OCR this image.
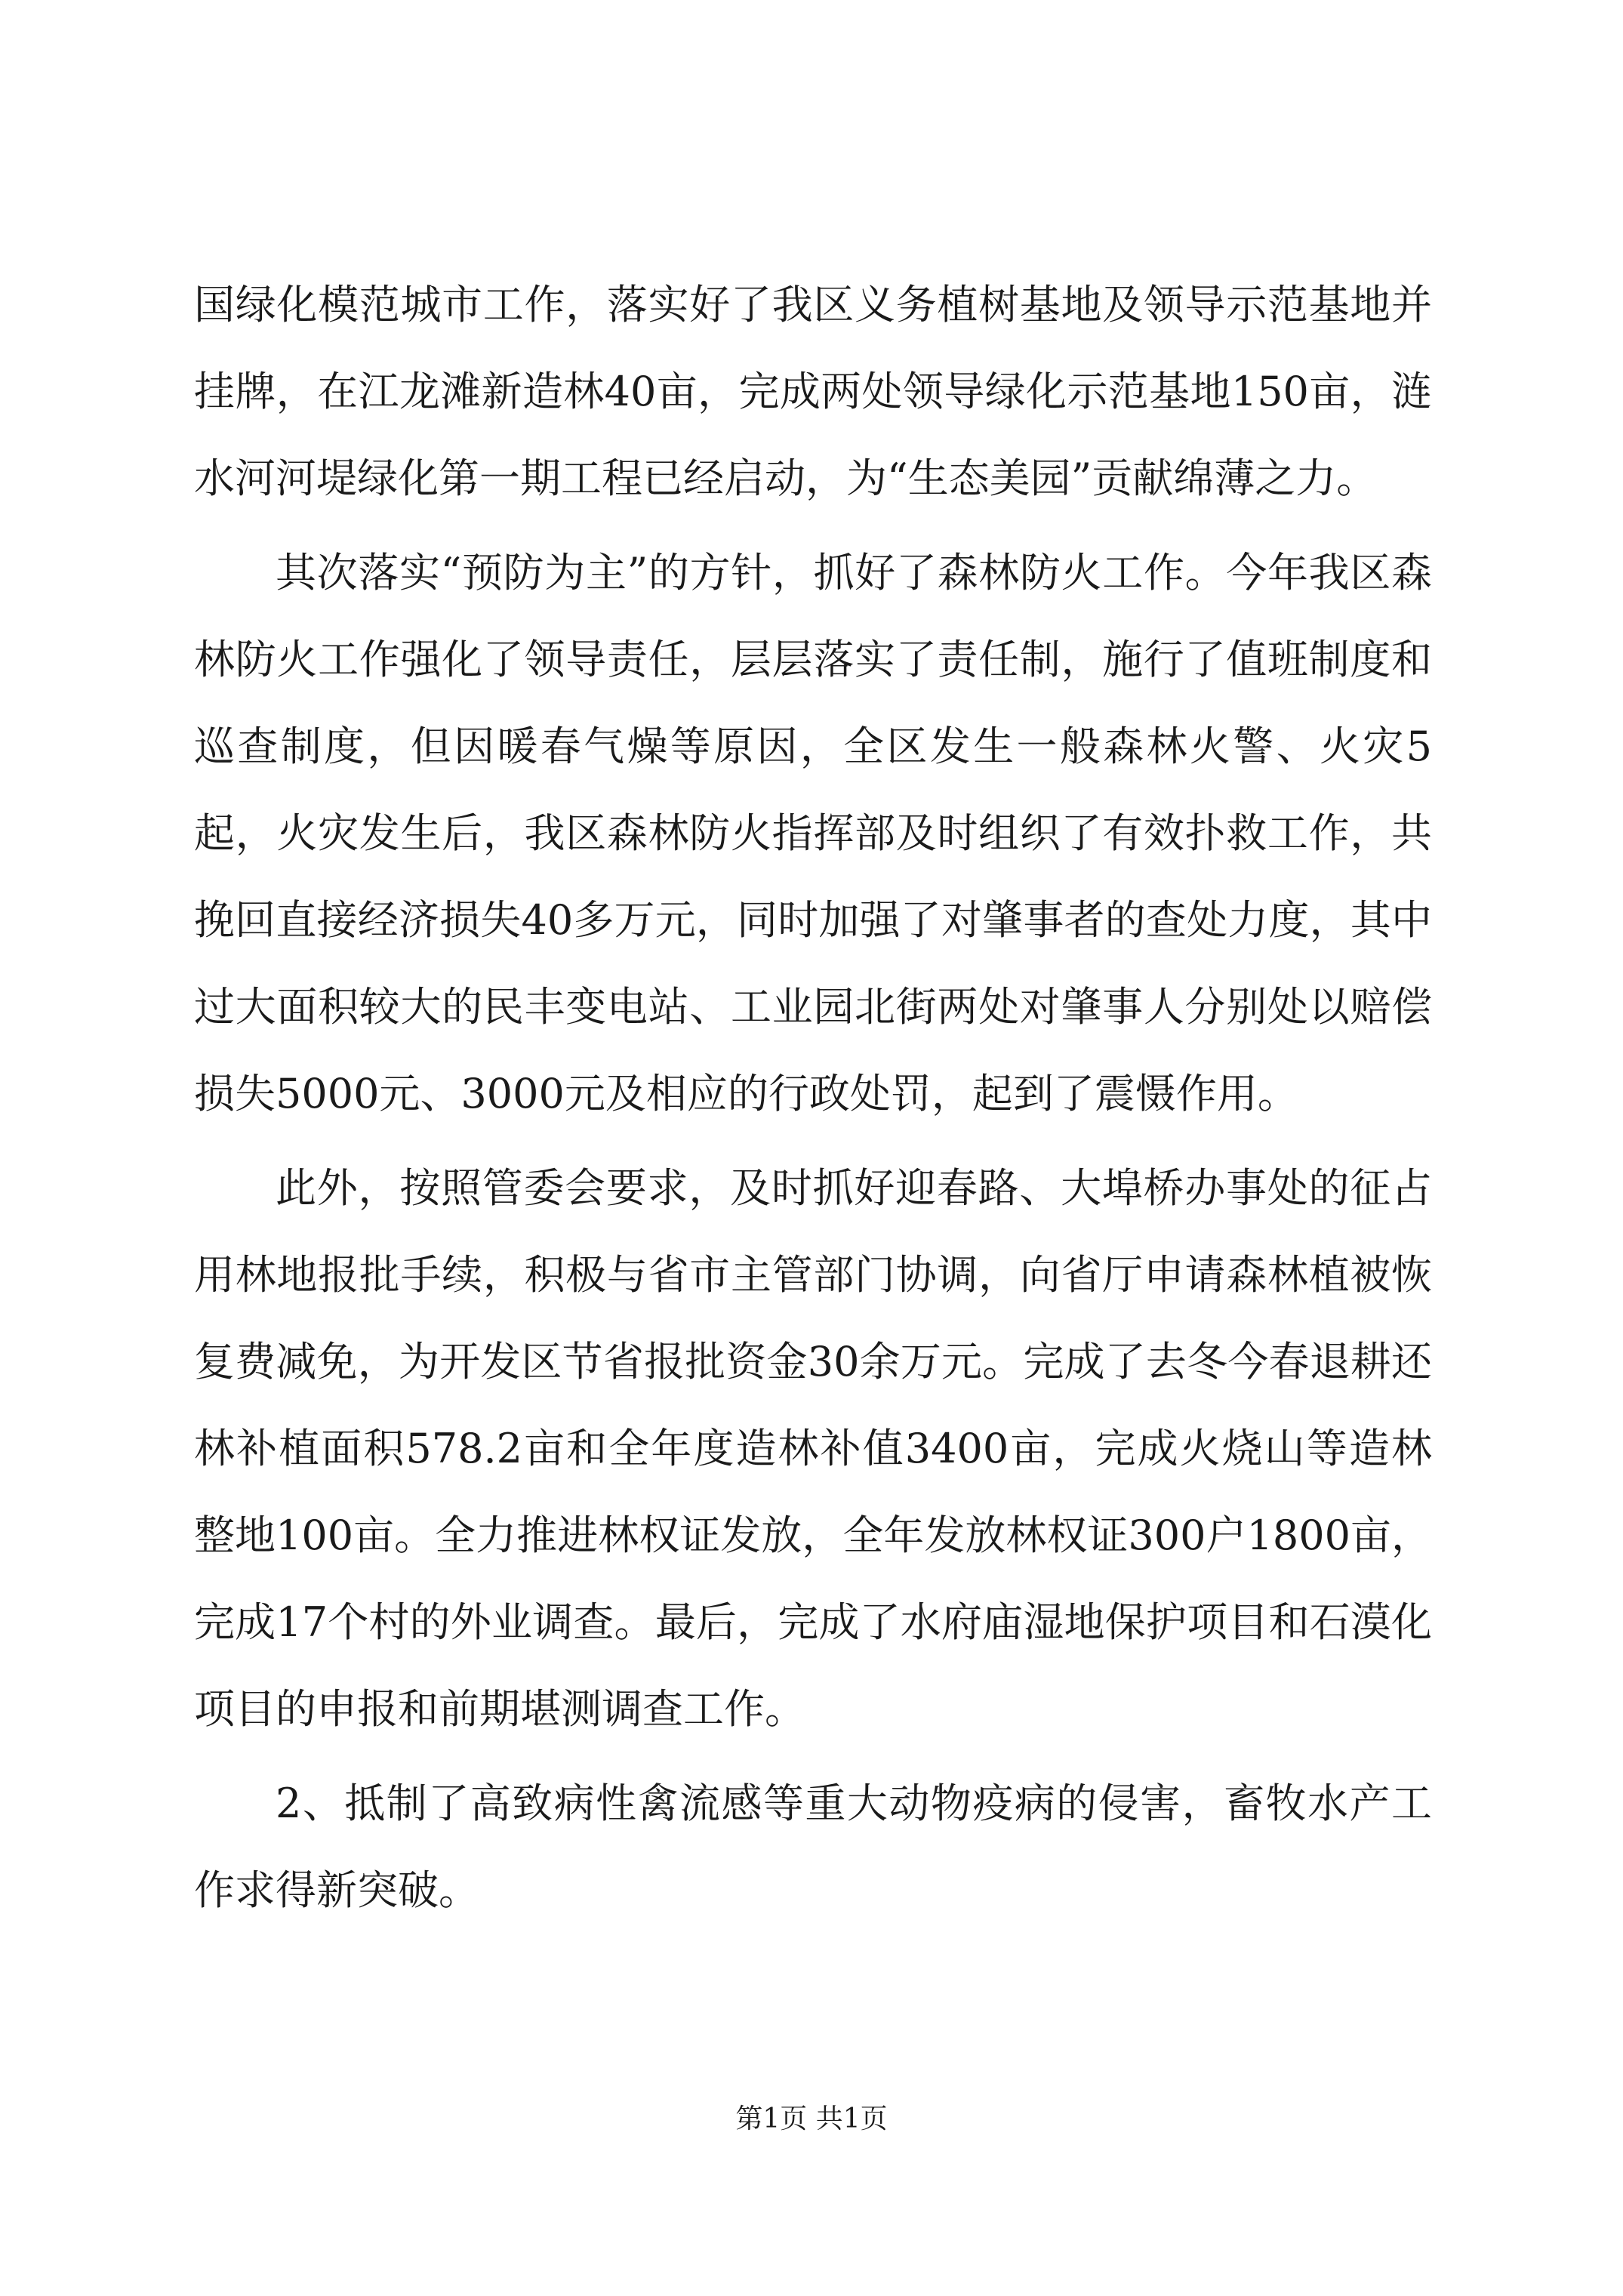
国绿化模范城市工作，落实好了我区义务植树基地及领导示范基地并挂牌，在江龙滩新造林40亩，完成两处领导绿化示范基地150亩，涟水河河堤绿化第一期工程已经启动，为“生态美园”贡献绵薄之力。

其次落实“预防为主”的方针，抓好了森林防火工作。今年我区森林防火工作强化了领导责任，层层落实了责任制，施行了值班制度和巡查制度，但因暖春气燥等原因，全区发生一般森林火警、火灾5起，火灾发生后，我区森林防火指挥部及时组织了有效扑救工作，共挽回直接经济损失40多万元，同时加强了对肇事者的查处力度，其中过大面积较大的民丰变电站、工业园北街两处对肇事人分别处以赔偿损失5000元、3000元及相应的行政处罚，起到了震慑作用。

此外，按照管委会要求，及时抓好迎春路、大埠桥办事处的征占用林地报批手续，积极与省市主管部门协调，向省厅申请森林植被恢复费减免，为开发区节省报批资金30余万元。完成了去冬今春退耕还林补植面积578.2亩和全年度造林补值3400亩，完成火烧山等造林整地100亩。全力推进林权证发放，全年发放林权证300户1800亩，完成17个村的外业调查。最后，完成了水府庙湿地保护项目和石漠化项目的申报和前期堪测调查工作。

2、抵制了高致病性禽流感等重大动物疫病的侵害，畜牧水产工作求得新突破。

第1页 共1页
